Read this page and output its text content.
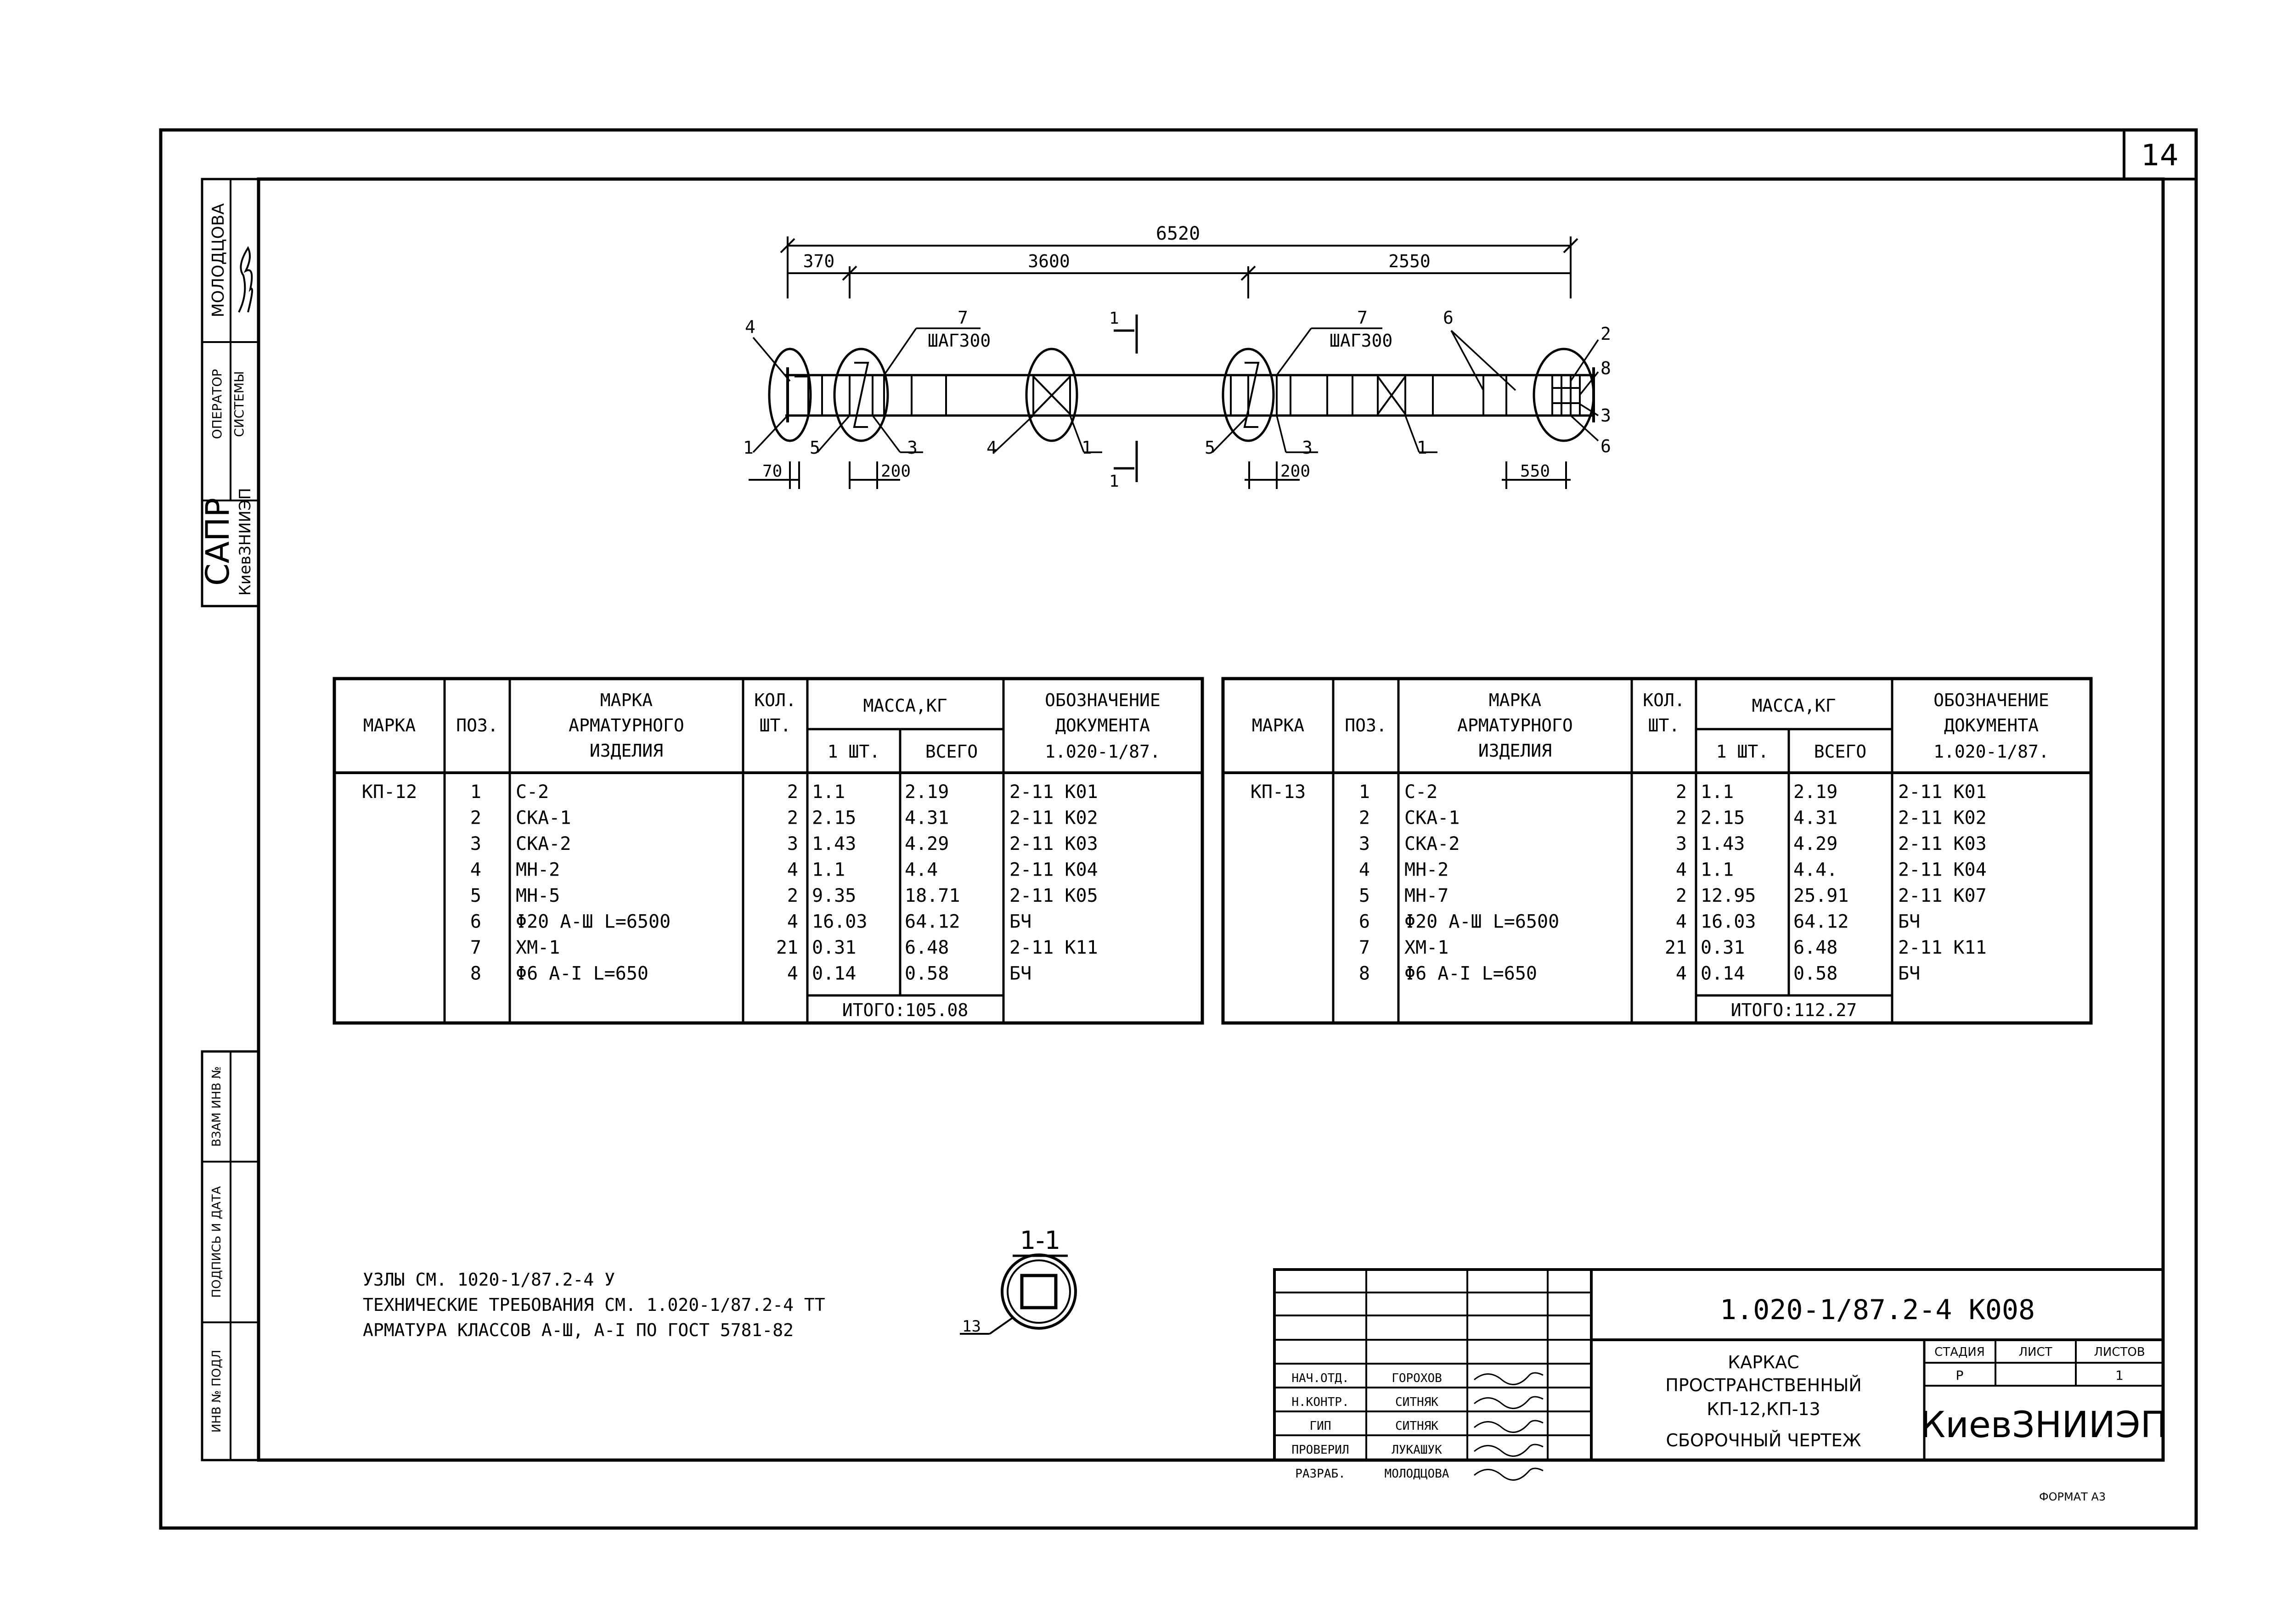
14
МОЛОДЦОВА
ОПЕРАТОР СИСТЕМЫ
САПР КиевЗНИИЭП
ВЗАМ ИНВ №
ПОДПИСЬ И ДАТА
ИНВ № ПОДЛ
6520
370	3600	2550
4
1	5	3
7
4	1	5	3
7
1
6
2
8
3
6
ШАГ300	ШАГ300
1
1
70	200	200	550
МАРКА ПОЗ.
МАРКА
АРМАТУРНОГО
ИЗДЕЛИЯ
КОЛ.
ШТ.
МАССА,КГ
1 ШТ.	ВСЕГО
ОБОЗНАЧЕНИЕ
ДОКУМЕНТА
1.020-1/87.
КП-12	1 С-2	2 1.1	2.19	2-11 К01
2 СКА-1	2 2.15	4.31	2-11 К02
3 СКА-2	3 1.43	4.29	2-11 К03
4 МН-2	4 1.1	4.4	2-11 К04
5 МН-5	2 9.35	18.71	2-11 К05
6 Φ20 А-Ш L=6500	4 16.03 64.12	БЧ
7 ХМ-1	21 0.31	6.48	2-11 К11
8 Φ6 А-I L=650	4 0.14	0.58	БЧ
ИТОГО:105.08
МАРКА ПОЗ.
МАРКА
АРМАТУРНОГО
ИЗДЕЛИЯ
КОЛ.
ШТ.
МАССА,КГ
1 ШТ.	ВСЕГО
ОБОЗНАЧЕНИЕ
ДОКУМЕНТА
1.020-1/87.
КП-13	1 С-2	2 1.1	2.19	2-11 К01
2 СКА-1	2 2.15	4.31	2-11 К02
3 СКА-2	3 1.43	4.29	2-11 К03
4 МН-2	4 1.1	4.4.	2-11 К04
5 МН-7	2 12.95 25.91	2-11 К07
6 Φ20 А-Ш L=6500	4 16.03 64.12	БЧ
7 ХМ-1	21 0.31	6.48	2-11 К11
8 Φ6 А-I L=650	4 0.14	0.58	БЧ
ИТОГО:112.27
1-1
13
УЗЛЫ СМ. 1020-1/87.2-4 У
ТЕХНИЧЕСКИЕ ТРЕБОВАНИЯ СМ. 1.020-1/87.2-4 ТТ
АРМАТУРА КЛАССОВ А-Ш, А-I ПО ГОСТ 5781-82
1.020-1/87.2-4 К008
КАРКАС
ПРОСТРАНСТВЕННЫЙ
КП-12,КП-13
СБОРОЧНЫЙ ЧЕРТЕЖ
СТАДИЯ	ЛИСТ	ЛИСТОВ
Р	1
КиевЗНИИЭП
НАЧ.ОТД.	ГОРОХОВ
Н.КОНТР.	СИТНЯК
ГИП	СИТНЯК
ПРОВЕРИЛ	ЛУКАШУК
РАЗРАБ.	МОЛОДЦОВА
ФОРМАТ А3
